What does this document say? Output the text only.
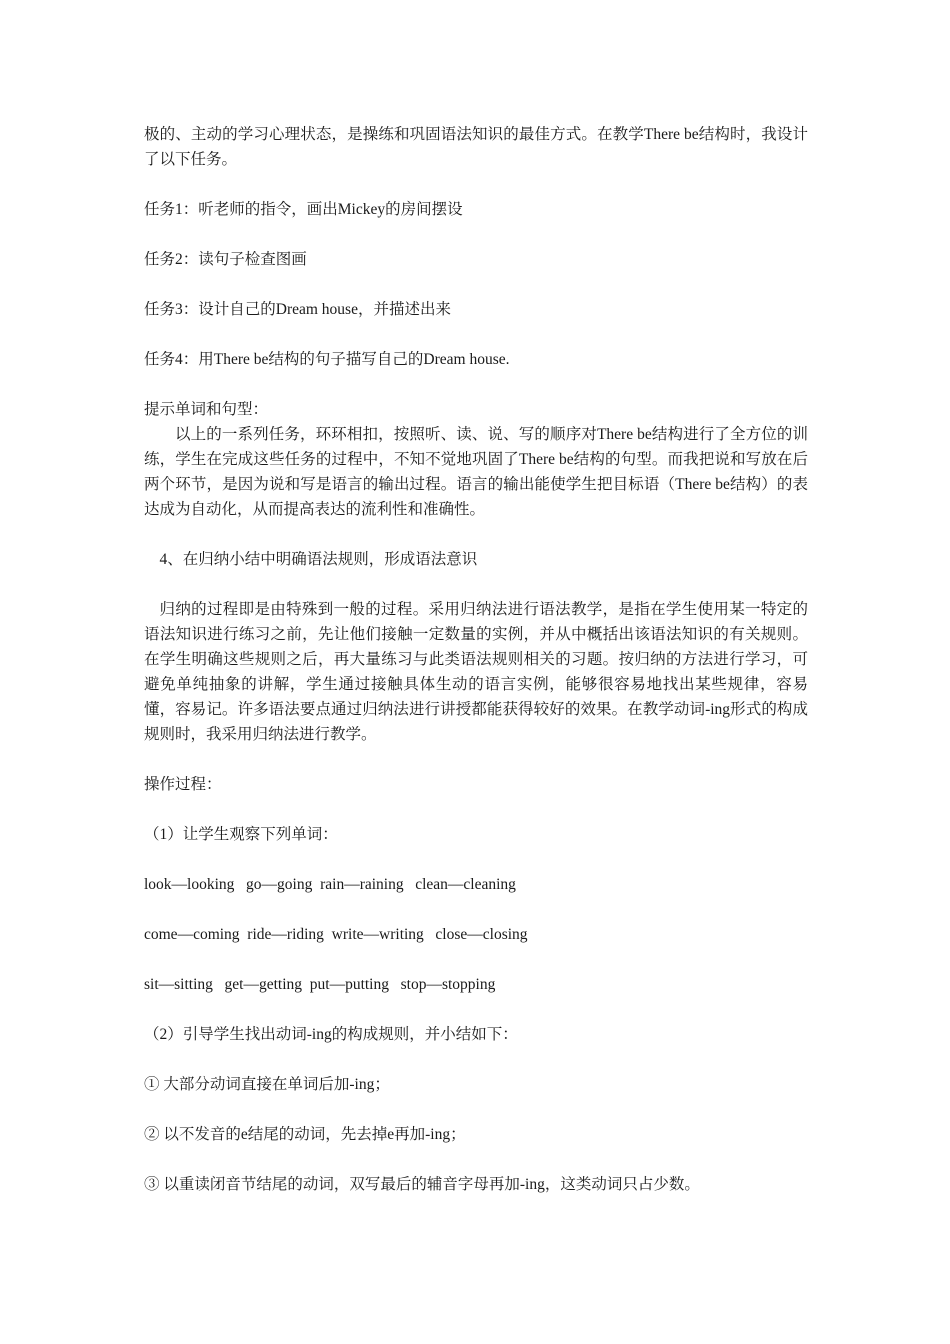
极的、主动的学习心理状态，是操练和巩固语法知识的最佳方式。在教学There be结构时，我设计了以下任务。

任务1：听老师的指令，画出Mickey的房间摆设

任务2：读句子检查图画

任务3：设计自己的Dream house，并描述出来

任务4：用There be结构的句子描写自己的Dream house.

提示单词和句型：

以上的一系列任务，环环相扣，按照听、读、说、写的顺序对There be结构进行了全方位的训练，学生在完成这些任务的过程中，不知不觉地巩固了There be结构的句型。而我把说和写放在后两个环节，是因为说和写是语言的输出过程。语言的输出能使学生把目标语（There be结构）的表达成为自动化，从而提高表达的流利性和准确性。

4、在归纳小结中明确语法规则，形成语法意识

归纳的过程即是由特殊到一般的过程。采用归纳法进行语法教学，是指在学生使用某一特定的语法知识进行练习之前，先让他们接触一定数量的实例，并从中概括出该语法知识的有关规则。在学生明确这些规则之后，再大量练习与此类语法规则相关的习题。按归纳的方法进行学习，可避免单纯抽象的讲解，学生通过接触具体生动的语言实例，能够很容易地找出某些规律，容易懂，容易记。许多语法要点通过归纳法进行讲授都能获得较好的效果。在教学动词-ing形式的构成规则时，我采用归纳法进行教学。

操作过程：

（1）让学生观察下列单词：

look—looking   go—going  rain—raining   clean—cleaning

come—coming  ride—riding  write—writing   close—closing

sit—sitting   get—getting  put—putting   stop—stopping

（2）引导学生找出动词-ing的构成规则，并小结如下：

① 大部分动词直接在单词后加-ing；

② 以不发音的e结尾的动词，先去掉e再加-ing；

③ 以重读闭音节结尾的动词，双写最后的辅音字母再加-ing，这类动词只占少数。
